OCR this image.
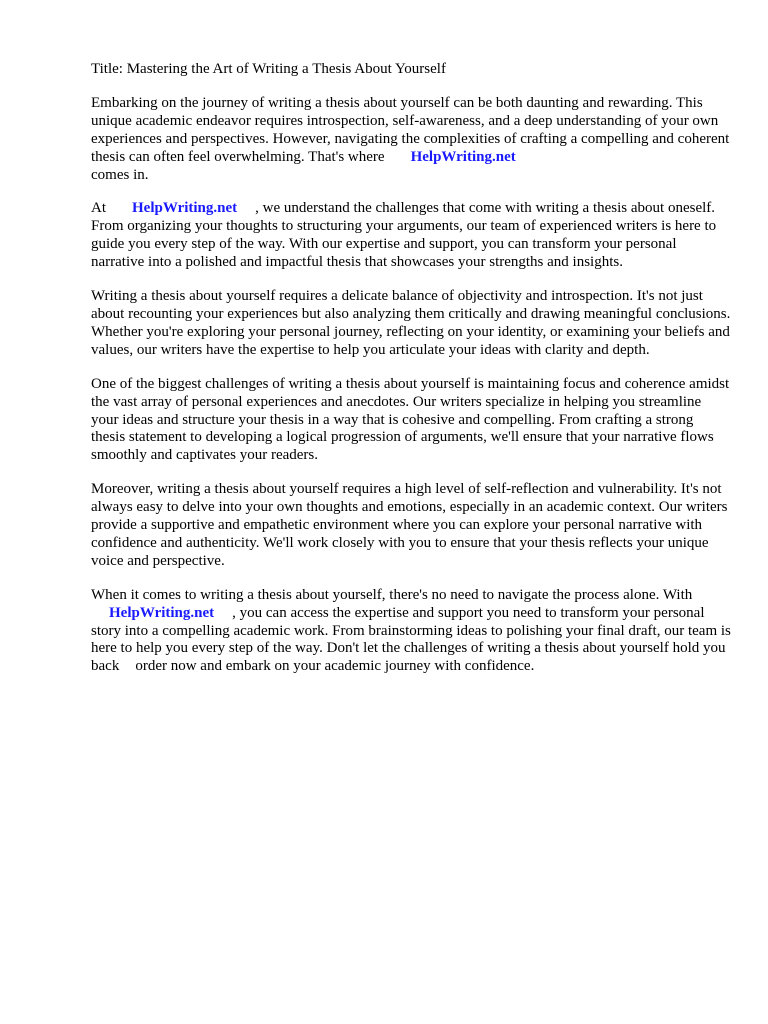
Title: Mastering the Art of Writing a Thesis About Yourself

Embarking on the journey of writing a thesis about yourself can be both daunting and rewarding. This unique academic endeavor requires introspection, self-awareness, and a deep understanding of your own experiences and perspectives. However, navigating the complexities of crafting a compelling and coherent thesis can often feel overwhelming. That's where HelpWriting.net
comes in.

At HelpWriting.net , we understand the challenges that come with writing a thesis about oneself. From organizing your thoughts to structuring your arguments, our team of experienced writers is here to guide you every step of the way. With our expertise and support, you can transform your personal narrative into a polished and impactful thesis that showcases your strengths and insights.

Writing a thesis about yourself requires a delicate balance of objectivity and introspection. It's not just about recounting your experiences but also analyzing them critically and drawing meaningful conclusions. Whether you're exploring your personal journey, reflecting on your identity, or examining your beliefs and values, our writers have the expertise to help you articulate your ideas with clarity and depth.

One of the biggest challenges of writing a thesis about yourself is maintaining focus and coherence amidst the vast array of personal experiences and anecdotes. Our writers specialize in helping you streamline your ideas and structure your thesis in a way that is cohesive and compelling. From crafting a strong thesis statement to developing a logical progression of arguments, we'll ensure that your narrative flows smoothly and captivates your readers.

Moreover, writing a thesis about yourself requires a high level of self-reflection and vulnerability. It's not always easy to delve into your own thoughts and emotions, especially in an academic context. Our writers provide a supportive and empathetic environment where you can explore your personal narrative with confidence and authenticity. We'll work closely with you to ensure that your thesis reflects your unique voice and perspective.

When it comes to writing a thesis about yourself, there's no need to navigate the process alone. With
HelpWriting.net , you can access the expertise and support you need to transform your personal story into a compelling academic work. From brainstorming ideas to polishing your final draft, our team is here to help you every step of the way. Don't let the challenges of writing a thesis about yourself hold you back order now and embark on your academic journey with confidence.
